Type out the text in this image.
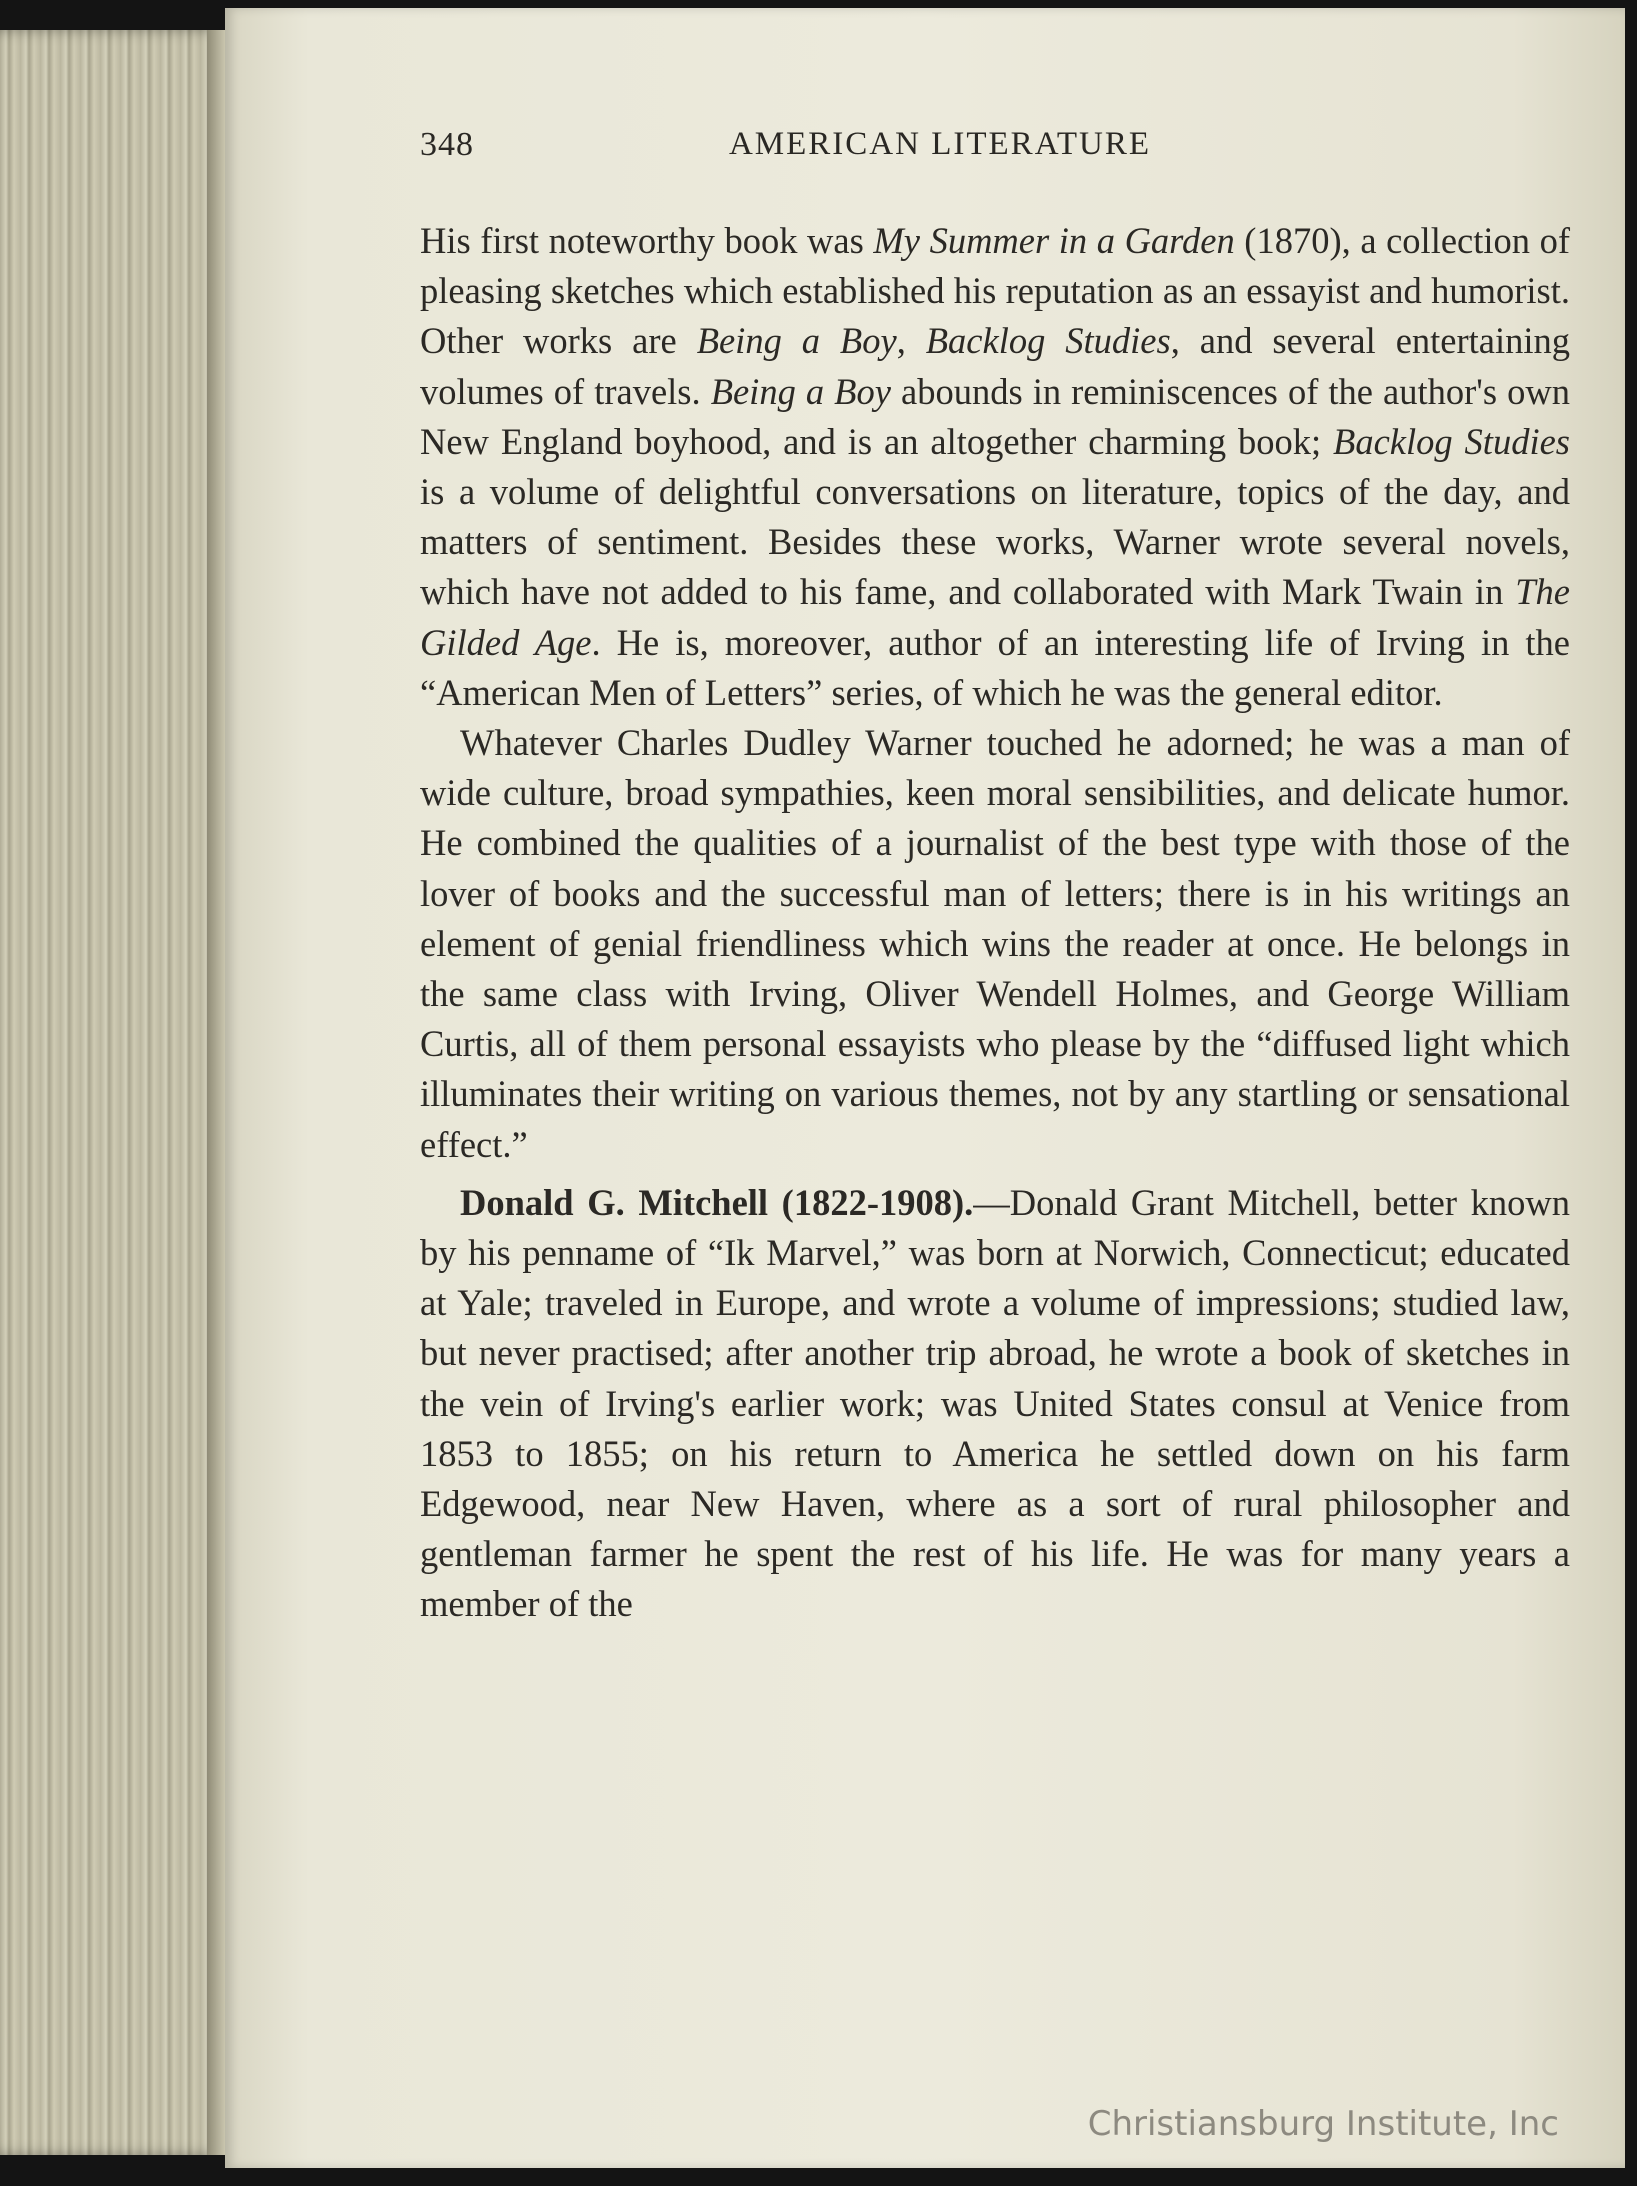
348	AMERICAN LITERATURE

His first noteworthy book was My Summer in a Garden (1870), a collection of pleasing sketches which established his reputation as an essayist and humorist. Other works are Being a Boy, Backlog Studies, and several entertaining volumes of travels. Being a Boy abounds in reminiscences of the author's own New England boyhood, and is an altogether charming book; Backlog Studies is a volume of delightful conversations on literature, topics of the day, and matters of sentiment. Besides these works, Warner wrote several novels, which have not added to his fame, and collaborated with Mark Twain in The Gilded Age. He is, moreover, author of an interesting life of Irving in the “American Men of Letters” series, of which he was the general editor.

Whatever Charles Dudley Warner touched he adorned; he was a man of wide culture, broad sympathies, keen moral sensibilities, and delicate humor. He combined the qualities of a journalist of the best type with those of the lover of books and the successful man of letters; there is in his writings an element of genial friendliness which wins the reader at once. He belongs in the same class with Irving, Oliver Wendell Holmes, and George William Curtis, all of them personal essayists who please by the “diffused light which illuminates their writing on various themes, not by any startling or sensational effect.”

Donald G. Mitchell (1822-1908).—Donald Grant Mitchell, better known by his penname of “Ik Marvel,” was born at Norwich, Connecticut; educated at Yale; traveled in Europe, and wrote a volume of impressions; studied law, but never practised; after another trip abroad, he wrote a book of sketches in the vein of Irving's earlier work; was United States consul at Venice from 1853 to 1855; on his return to America he settled down on his farm Edgewood, near New Haven, where as a sort of rural philosopher and gentleman farmer he spent the rest of his life. He was for many years a member of the

Christiansburg Institute, Inc
